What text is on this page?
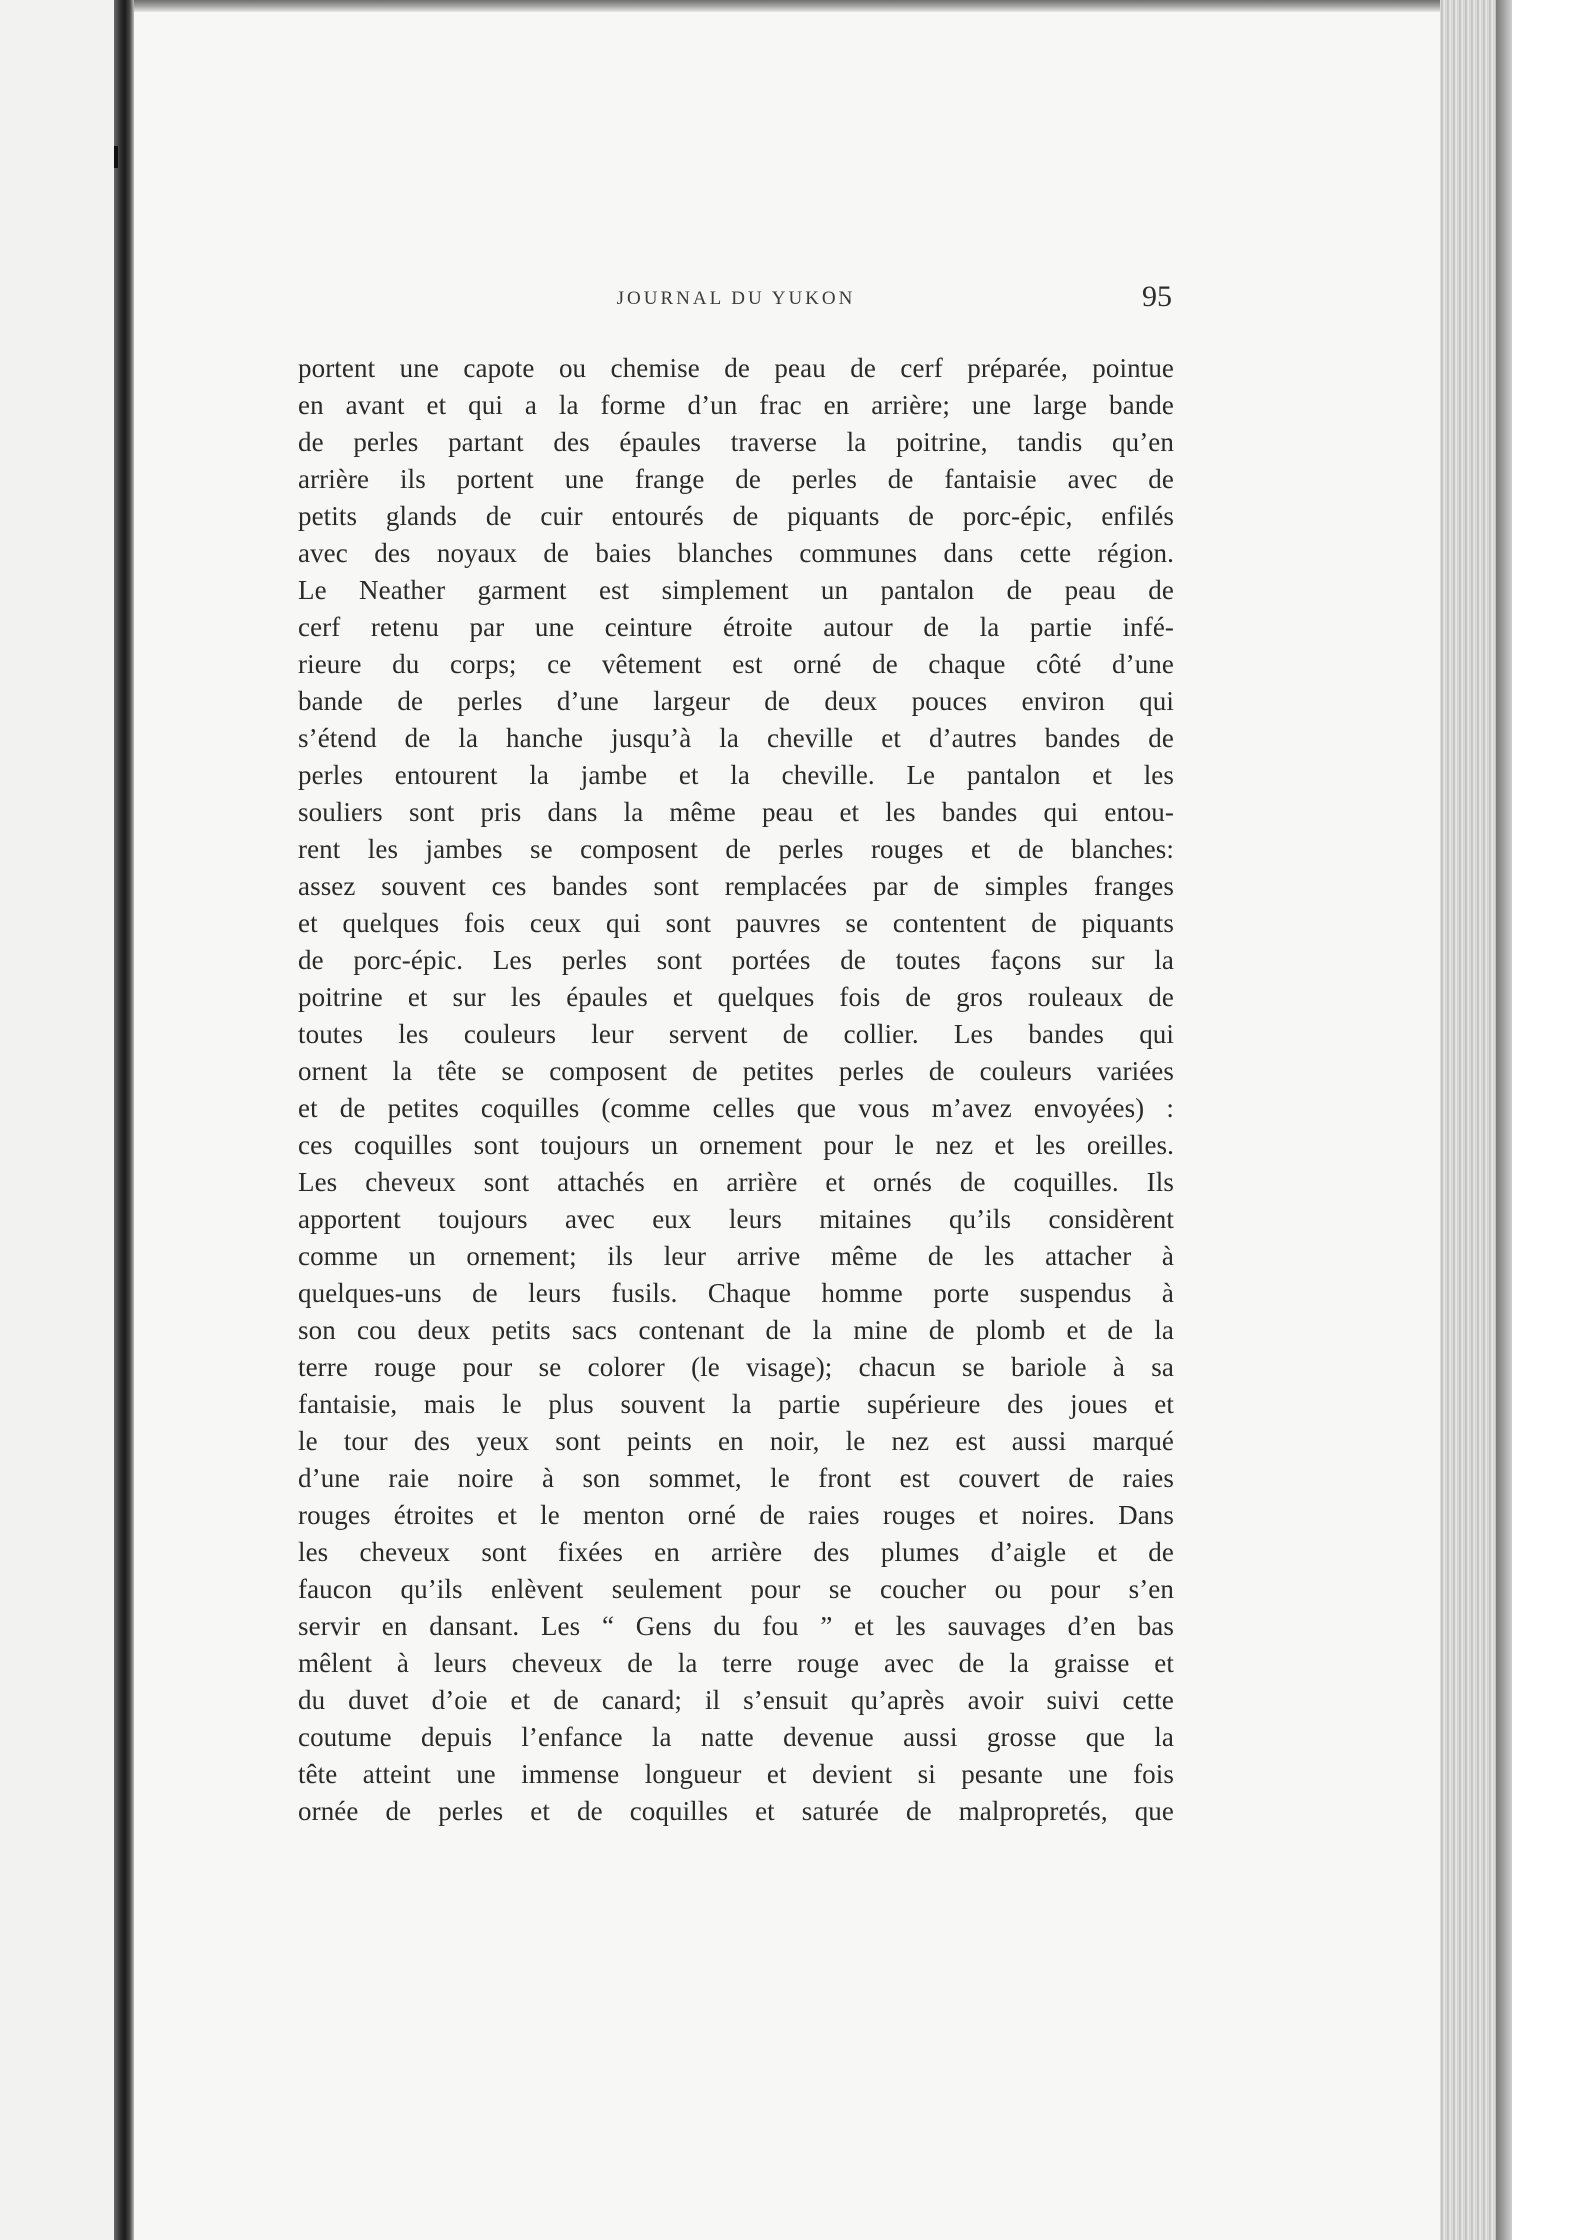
JOURNAL DU YUKON	95
portent une capote ou chemise de peau de cerf préparée, pointue
en avant et qui a la forme d’un frac en arrière; une large bande
de perles partant des épaules traverse la poitrine, tandis qu’en
arrière ils portent une frange de perles de fantaisie avec de
petits glands de cuir entourés de piquants de porc-épic, enfilés
avec des noyaux de baies blanches communes dans cette région.
Le Neather garment est simplement un pantalon de peau de
cerf retenu par une ceinture étroite autour de la partie infé-
rieure du corps; ce vêtement est orné de chaque côté d’une
bande de perles d’une largeur de deux pouces environ qui
s’étend de la hanche jusqu’à la cheville et d’autres bandes de
perles entourent la jambe et la cheville. Le pantalon et les
souliers sont pris dans la même peau et les bandes qui entou-
rent les jambes se composent de perles rouges et de blanches:
assez souvent ces bandes sont remplacées par de simples franges
et quelques fois ceux qui sont pauvres se contentent de piquants
de porc-épic. Les perles sont portées de toutes façons sur la
poitrine et sur les épaules et quelques fois de gros rouleaux de
toutes les couleurs leur servent de collier. Les bandes qui
ornent la tête se composent de petites perles de couleurs variées
et de petites coquilles (comme celles que vous m’avez envoyées) :
ces coquilles sont toujours un ornement pour le nez et les oreilles.
Les cheveux sont attachés en arrière et ornés de coquilles. Ils
apportent toujours avec eux leurs mitaines qu’ils considèrent
comme un ornement; ils leur arrive même de les attacher à
quelques-uns de leurs fusils. Chaque homme porte suspendus à
son cou deux petits sacs contenant de la mine de plomb et de la
terre rouge pour se colorer (le visage); chacun se bariole à sa
fantaisie, mais le plus souvent la partie supérieure des joues et
le tour des yeux sont peints en noir, le nez est aussi marqué
d’une raie noire à son sommet, le front est couvert de raies
rouges étroites et le menton orné de raies rouges et noires. Dans
les cheveux sont fixées en arrière des plumes d’aigle et de
faucon qu’ils enlèvent seulement pour se coucher ou pour s’en
servir en dansant. Les “ Gens du fou ” et les sauvages d’en bas
mêlent à leurs cheveux de la terre rouge avec de la graisse et
du duvet d’oie et de canard; il s’ensuit qu’après avoir suivi cette
coutume depuis l’enfance la natte devenue aussi grosse que la
tête atteint une immense longueur et devient si pesante une fois
ornée de perles et de coquilles et saturée de malpropretés, que
